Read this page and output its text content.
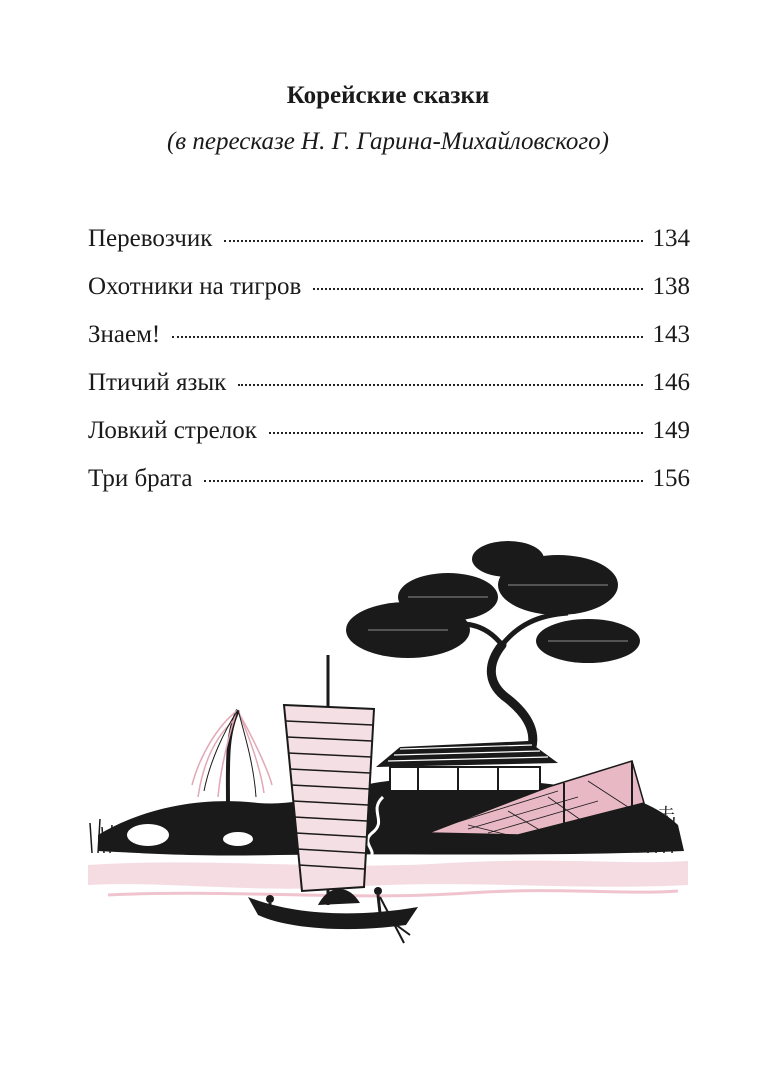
Корейские сказки
(в пересказе Н. Г. Гарина-Михайловского)
Перевозчик	134
Охотники на тигров	138
Знаем!	143
Птичий язык	146
Ловкий стрелок	149
Три брата	156
夫
